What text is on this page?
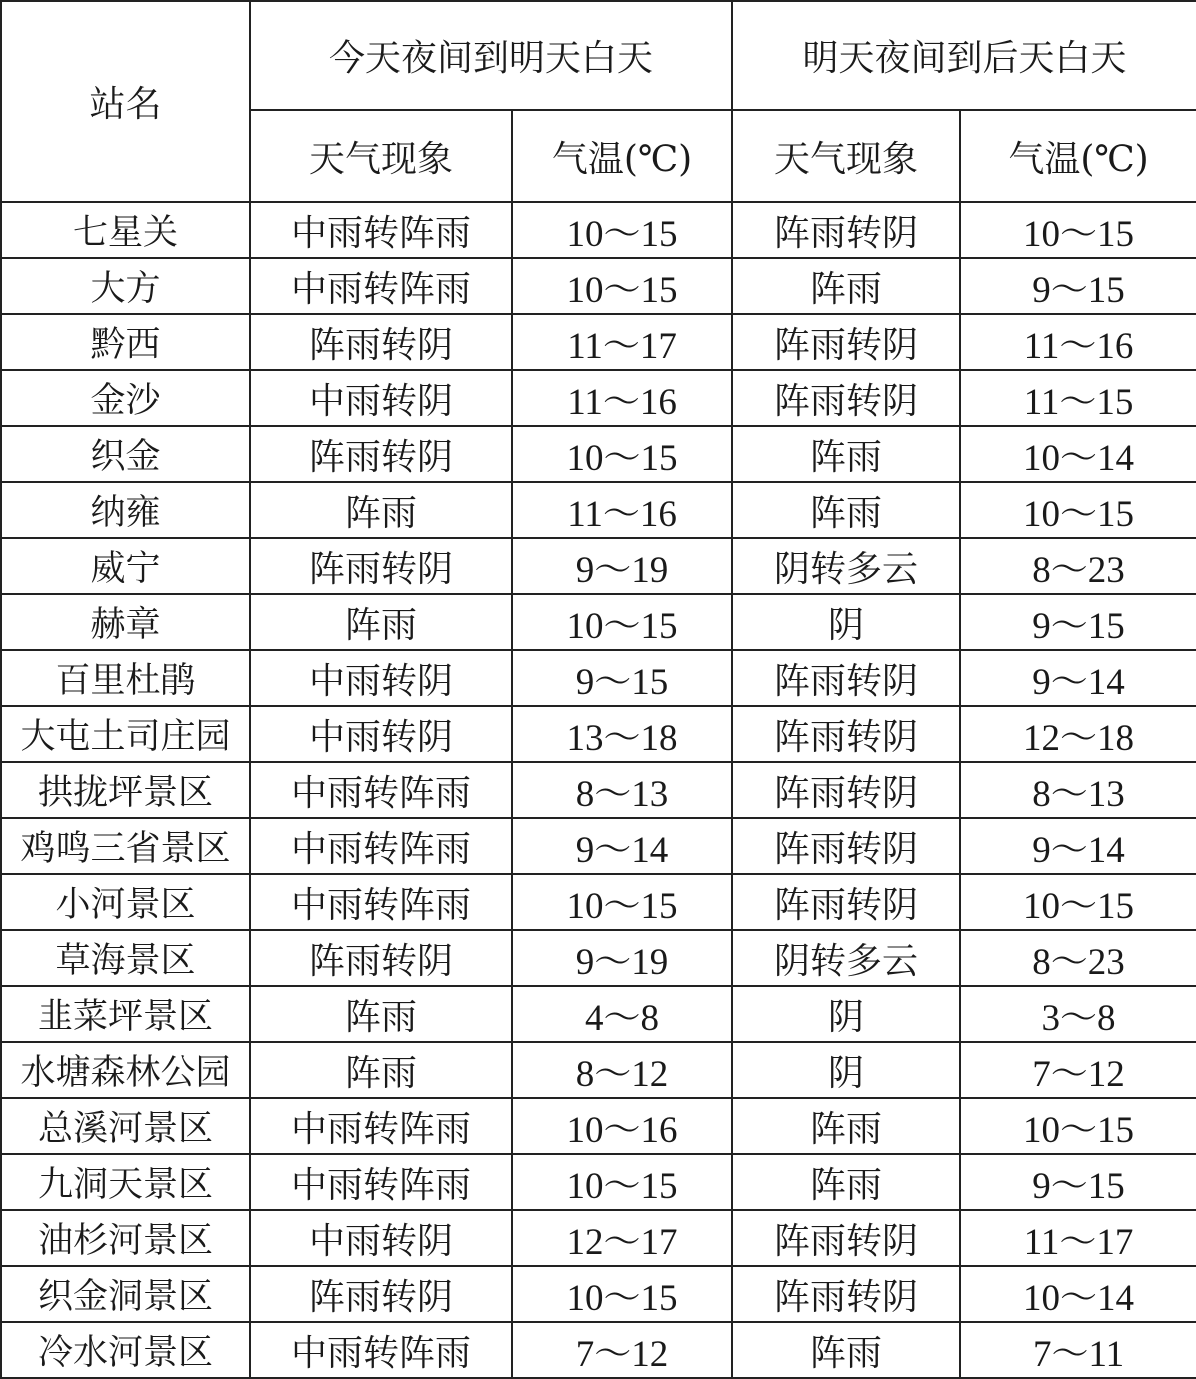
站名	今天夜间到明天白天		明天夜间到后天白天	
	天气现象	气温(℃)	天气现象	气温(℃)
七星关	中雨转阵雨	10～15	阵雨转阴	10～15
大方	中雨转阵雨	10～15	阵雨	9～15
黔西	阵雨转阴	11～17	阵雨转阴	11～16
金沙	中雨转阴	11～16	阵雨转阴	11～15
织金	阵雨转阴	10～15	阵雨	10～14
纳雍	阵雨	11～16	阵雨	10～15
威宁	阵雨转阴	9～19	阴转多云	8～23
赫章	阵雨	10～15	阴	9～15
百里杜鹃	中雨转阴	9～15	阵雨转阴	9～14
大屯土司庄园	中雨转阴	13～18	阵雨转阴	12～18
拱拢坪景区	中雨转阵雨	8～13	阵雨转阴	8～13
鸡鸣三省景区	中雨转阵雨	9～14	阵雨转阴	9～14
小河景区	中雨转阵雨	10～15	阵雨转阴	10～15
草海景区	阵雨转阴	9～19	阴转多云	8～23
韭菜坪景区	阵雨	4～8	阴	3～8
水塘森林公园	阵雨	8～12	阴	7～12
总溪河景区	中雨转阵雨	10～16	阵雨	10～15
九洞天景区	中雨转阵雨	10～15	阵雨	9～15
油杉河景区	中雨转阴	12～17	阵雨转阴	11～17
织金洞景区	阵雨转阴	10～15	阵雨转阴	10～14
冷水河景区	中雨转阵雨	7～12	阵雨	7～11
